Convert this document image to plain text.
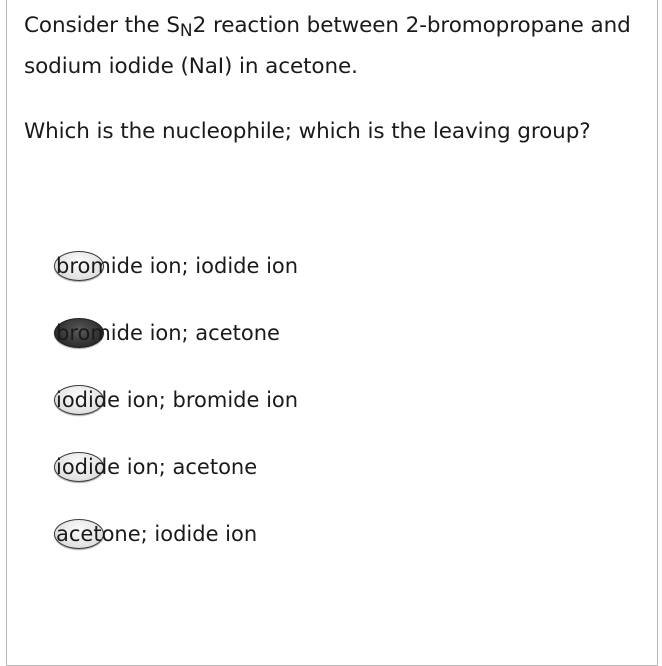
Consider the SN2 reaction between 2-bromopropane and
sodium iodide (NaI) in acetone.
Which is the nucleophile; which is the leaving group?
bromide ion; iodide ion
bromide ion; acetone
iodide ion; bromide ion
iodide ion; acetone
acetone; iodide ion
